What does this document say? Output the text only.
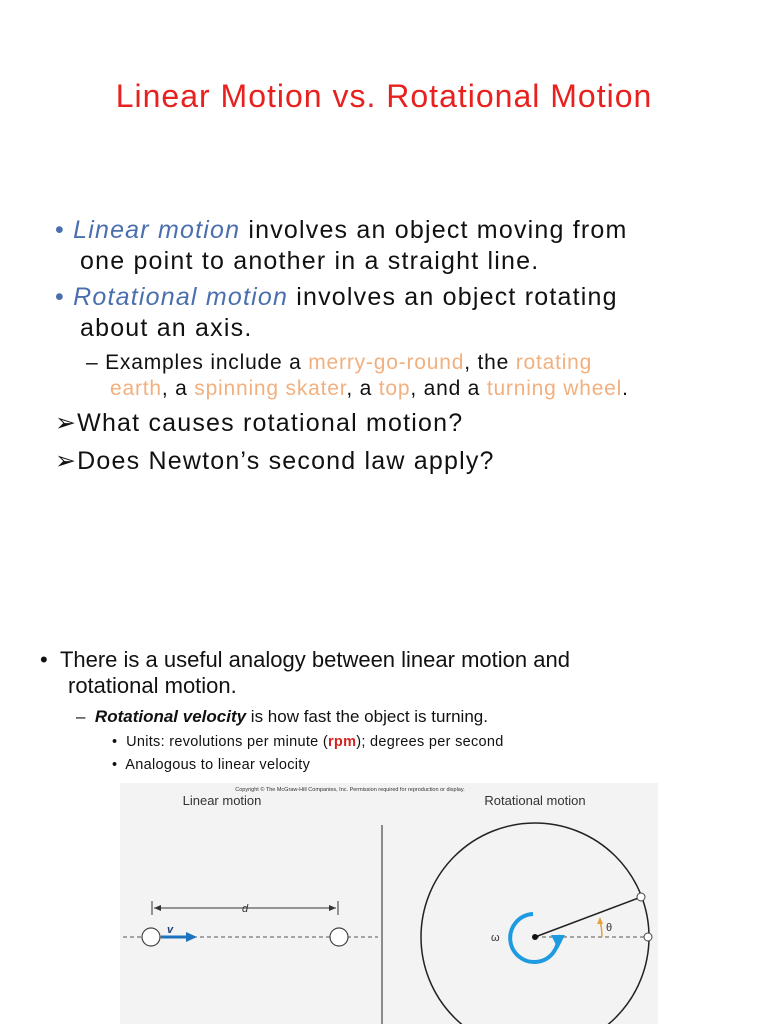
Linear Motion vs. Rotational Motion
• Linear motion involves an object moving from
one point to another in a straight line.
• Rotational motion involves an object rotating
about an axis.
– Examples include a merry-go-round, the rotating
earth, a spinning skater, a top, and a turning wheel.
➢What causes rotational motion?
➢Does Newton’s second law apply?
• There is a useful analogy between linear motion and
rotational motion.
– Rotational velocity is how fast the object is turning.
• Units: revolutions per minute (rpm); degrees per second
• Analogous to linear velocity
Copyright © The McGraw-Hill Companies, Inc. Permission required for reproduction or display.
Linear motion	Rotational motion
d
v
ω
θ
